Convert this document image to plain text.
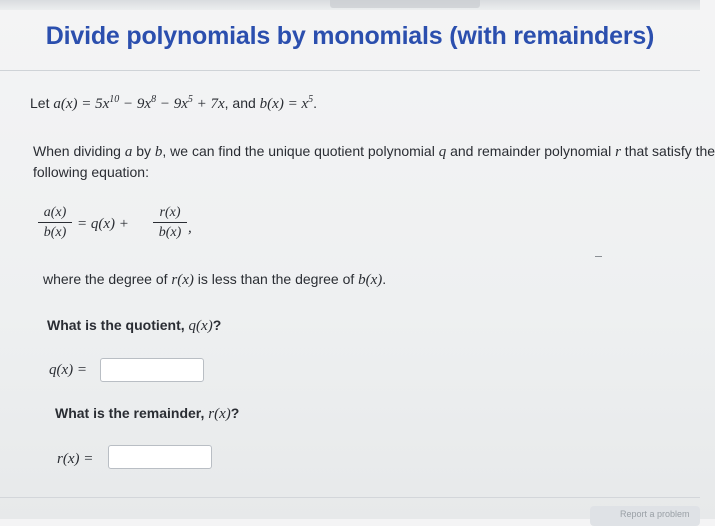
Divide polynomials by monomials (with remainders)
Let $a(x) = 5x^{10} - 9x^8 - 9x^5 + 7x$, and $b(x) = x^5$.
When dividing a by b, we can find the unique quotient polynomial q and remainder polynomial r that satisfy the
following equation:
a(x)
b(x)
= q(x) +
r(x)
b(x) ,
where the degree of r(x) is less than the degree of b(x).
What is the quotient, q(x)?
q(x) =
What is the remainder, r(x)?
r(x) =
Report a problem
